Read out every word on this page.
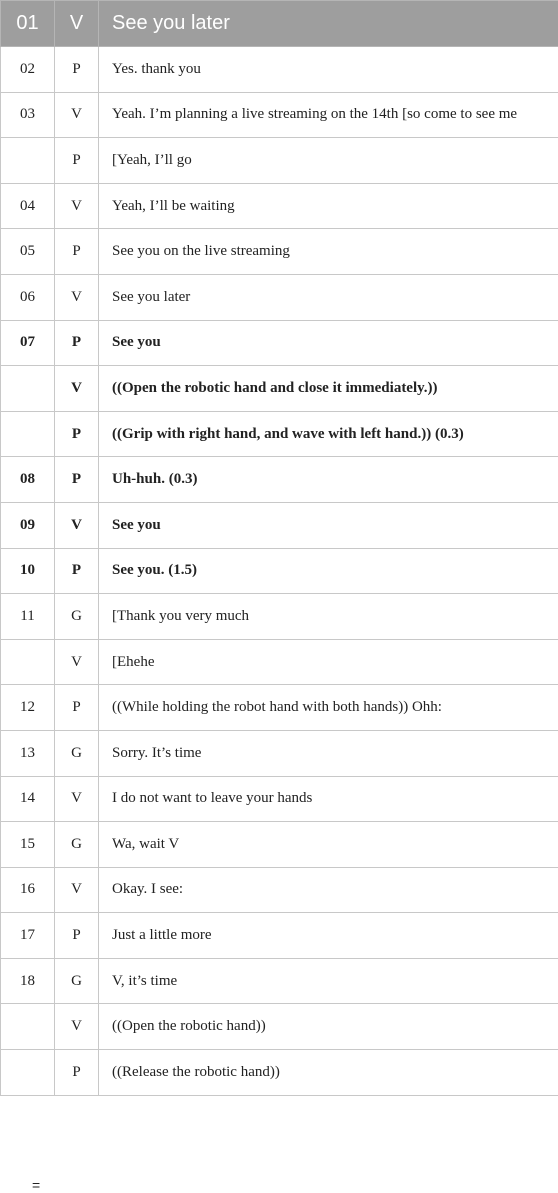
01	V	See you later
02	P	Yes. thank you
03	V	Yeah. I’m planning a live streaming on the 14th [so come to see me
	P	[Yeah, I’ll go
04	V	Yeah, I’ll be waiting
05	P	See you on the live streaming
06	V	See you later
07	P	See you
	V	((Open the robotic hand and close it immediately.))
	P	((Grip with right hand, and wave with left hand.)) (0.3)
08	P	Uh-huh. (0.3)
09	V	See you
10	P	See you. (1.5)
11	G	[Thank you very much
	V	[Ehehe
12	P	((While holding the robot hand with both hands)) Ohh:
13	G	Sorry. It’s time
14	V	I do not want to leave your hands
15	G	Wa, wait V
16	V	Okay. I see:
17	P	Just a little more
18	G	V, it’s time
	V	((Open the robotic hand))
	P	((Release the robotic hand))
=
